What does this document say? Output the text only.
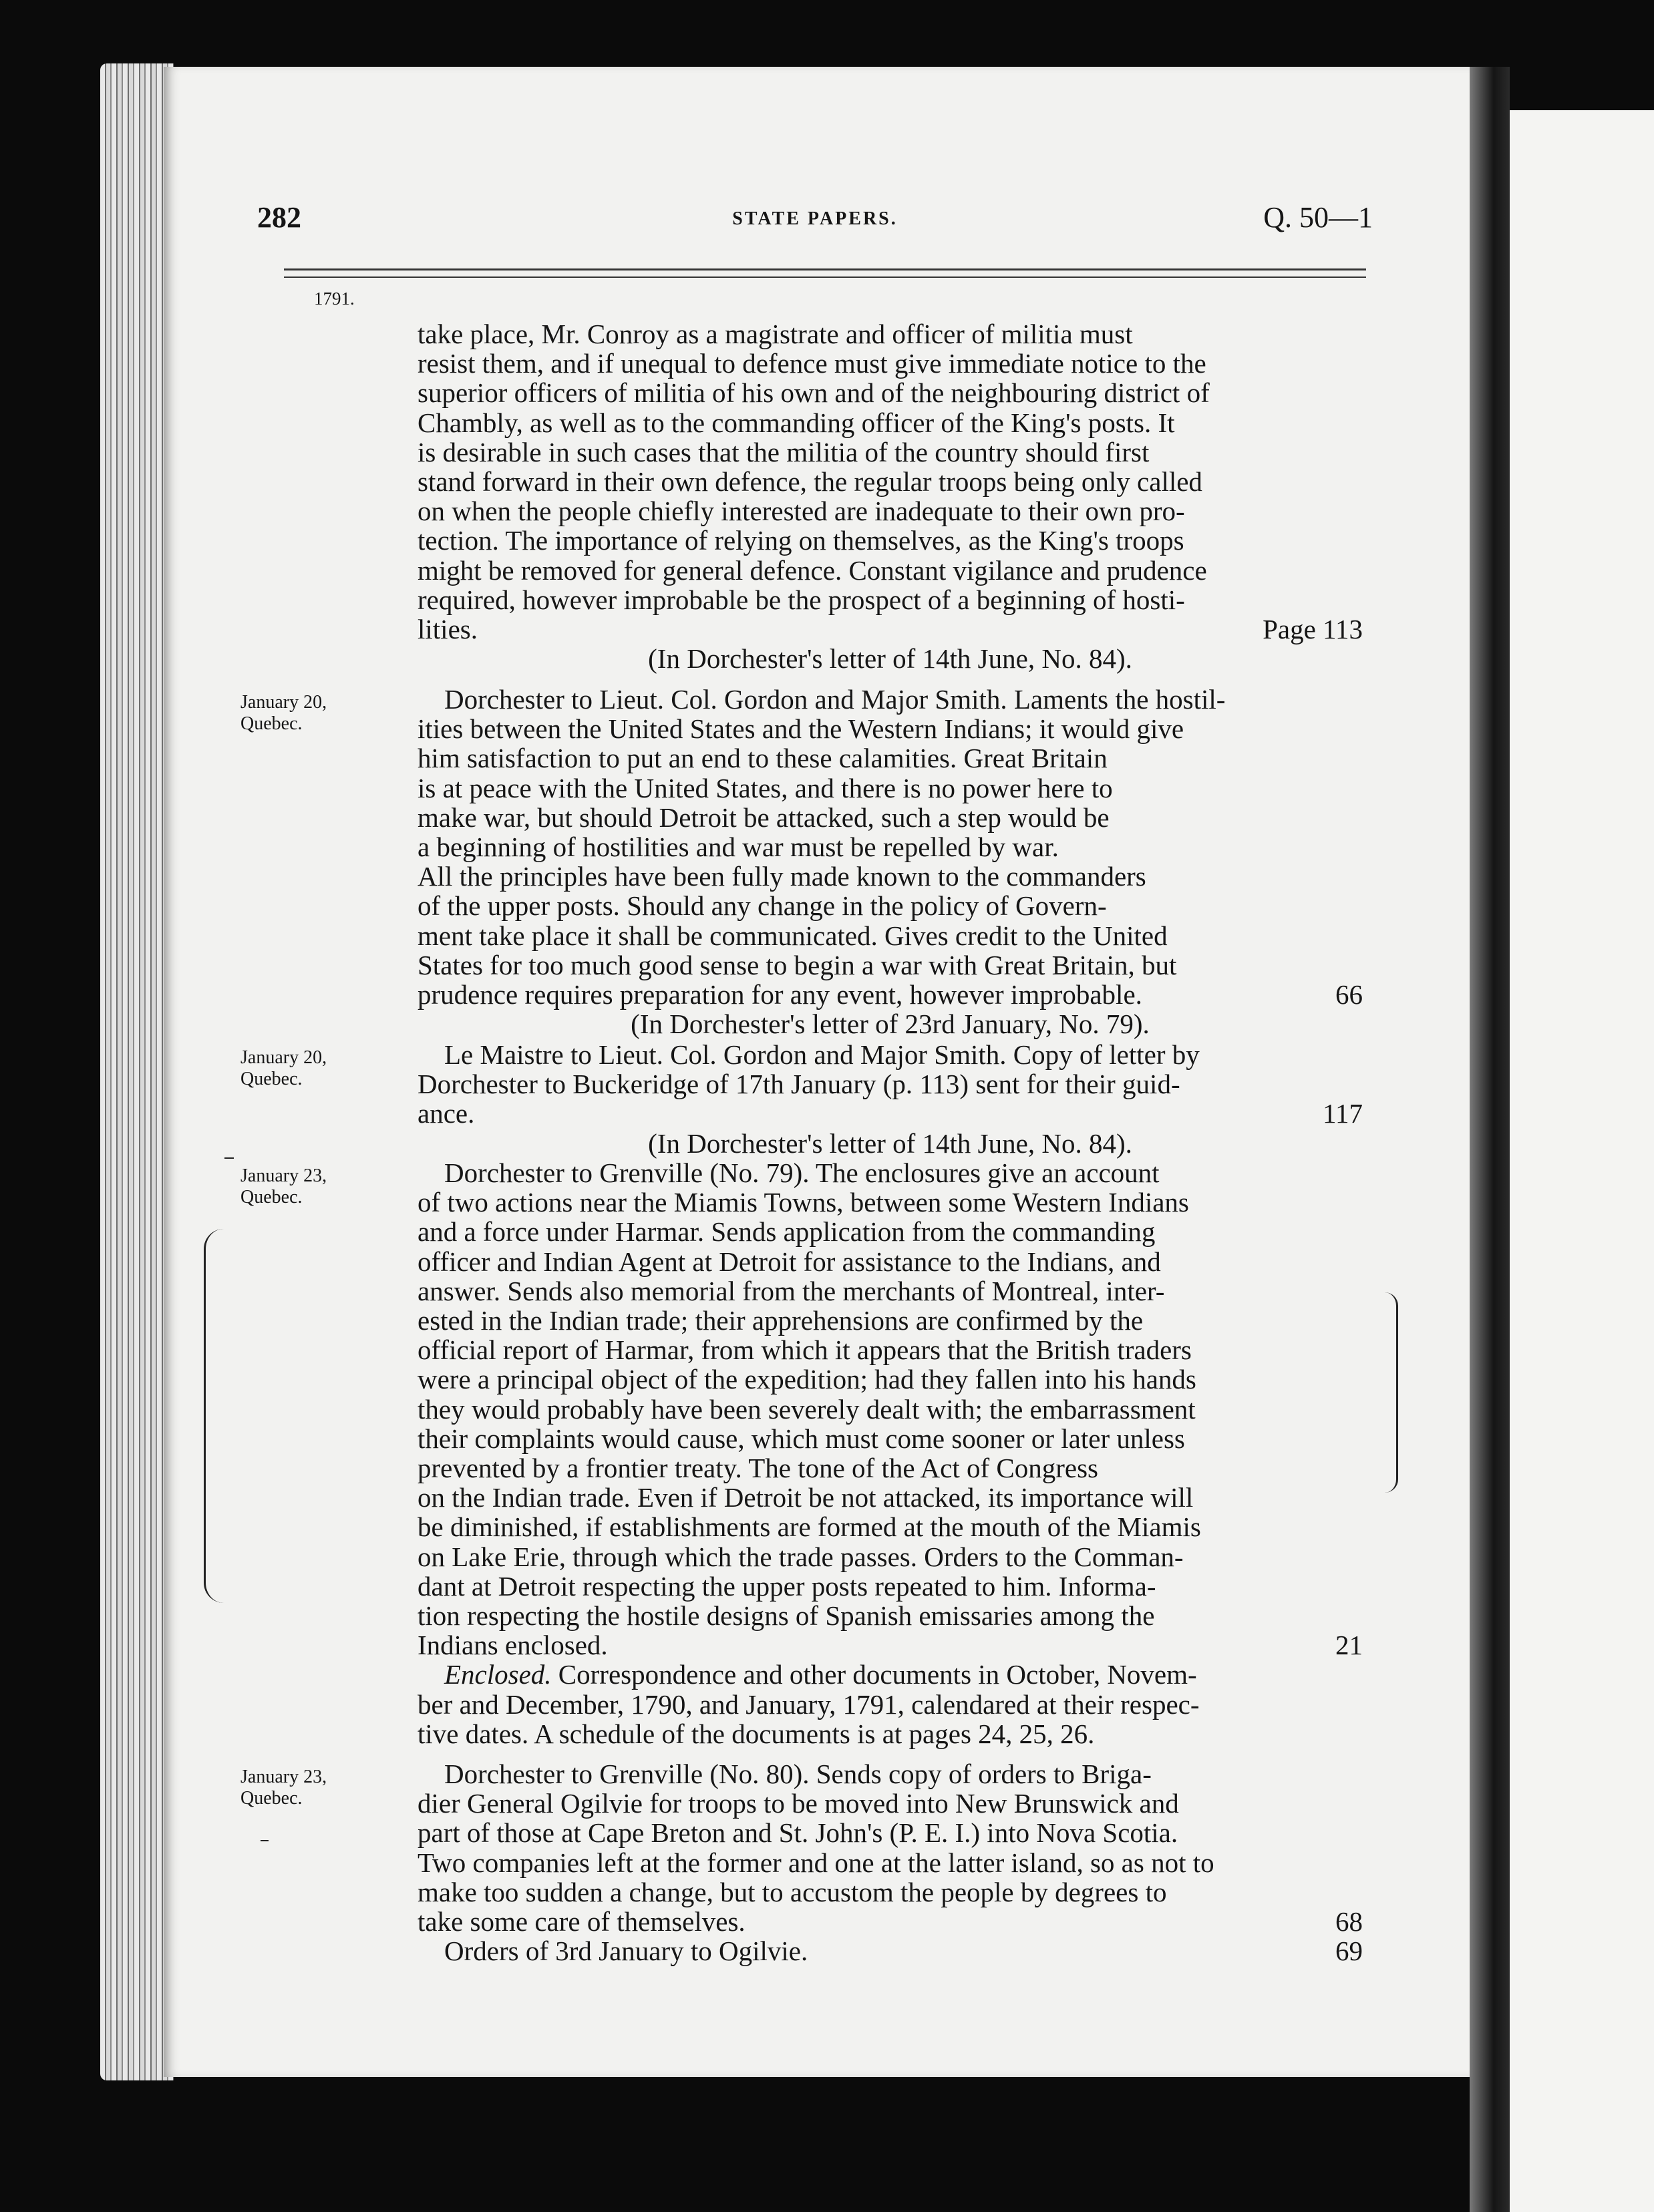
282	STATE PAPERS.	Q. 50—1
1791.
take place, Mr. Conroy as a magistrate and officer of militia must
resist them, and if unequal to defence must give immediate notice to the
superior officers of militia of his own and of the neighbouring district of
Chambly, as well as to the commanding officer of the King's posts. It
is desirable in such cases that the militia of the country should first
stand forward in their own defence, the regular troops being only called
on when the people chiefly interested are inadequate to their own pro-
tection. The importance of relying on themselves, as the King's troops
might be removed for general defence. Constant vigilance and prudence
required, however improbable be the prospect of a beginning of hosti-
lities.	Page 113
(In Dorchester's letter of 14th June, No. 84).
January 20,
Quebec.
Dorchester to Lieut. Col. Gordon and Major Smith. Laments the hostil-
ities between the United States and the Western Indians; it would give
him satisfaction to put an end to these calamities. Great Britain
is at peace with the United States, and there is no power here to
make war, but should Detroit be attacked, such a step would be
a beginning of hostilities and war must be repelled by war.
All the principles have been fully made known to the commanders
of the upper posts. Should any change in the policy of Govern-
ment take place it shall be communicated. Gives credit to the United
States for too much good sense to begin a war with Great Britain, but
prudence requires preparation for any event, however improbable.	66
(In Dorchester's letter of 23rd January, No. 79).
January 20,
Quebec.
Le Maistre to Lieut. Col. Gordon and Major Smith. Copy of letter by
Dorchester to Buckeridge of 17th January (p. 113) sent for their guid-
ance.	117
(In Dorchester's letter of 14th June, No. 84).
January 23,
Quebec.
Dorchester to Grenville (No. 79). The enclosures give an account
of two actions near the Miamis Towns, between some Western Indians
and a force under Harmar. Sends application from the commanding
officer and Indian Agent at Detroit for assistance to the Indians, and
answer. Sends also memorial from the merchants of Montreal, inter-
ested in the Indian trade; their apprehensions are confirmed by the
official report of Harmar, from which it appears that the British traders
were a principal object of the expedition; had they fallen into his hands
they would probably have been severely dealt with; the embarrassment
their complaints would cause, which must come sooner or later unless
prevented by a frontier treaty. The tone of the Act of Congress
on the Indian trade. Even if Detroit be not attacked, its importance will
be diminished, if establishments are formed at the mouth of the Miamis
on Lake Erie, through which the trade passes. Orders to the Comman-
dant at Detroit respecting the upper posts repeated to him. Informa-
tion respecting the hostile designs of Spanish emissaries among the
Indians enclosed.	21
Enclosed. Correspondence and other documents in October, Novem-
ber and December, 1790, and January, 1791, calendared at their respec-
tive dates. A schedule of the documents is at pages 24, 25, 26.
January 23,
Quebec.
Dorchester to Grenville (No. 80). Sends copy of orders to Briga-
dier General Ogilvie for troops to be moved into New Brunswick and
part of those at Cape Breton and St. John's (P. E. I.) into Nova Scotia.
Two companies left at the former and one at the latter island, so as not to
make too sudden a change, but to accustom the people by degrees to
take some care of themselves.	68
Orders of 3rd January to Ogilvie.	69
